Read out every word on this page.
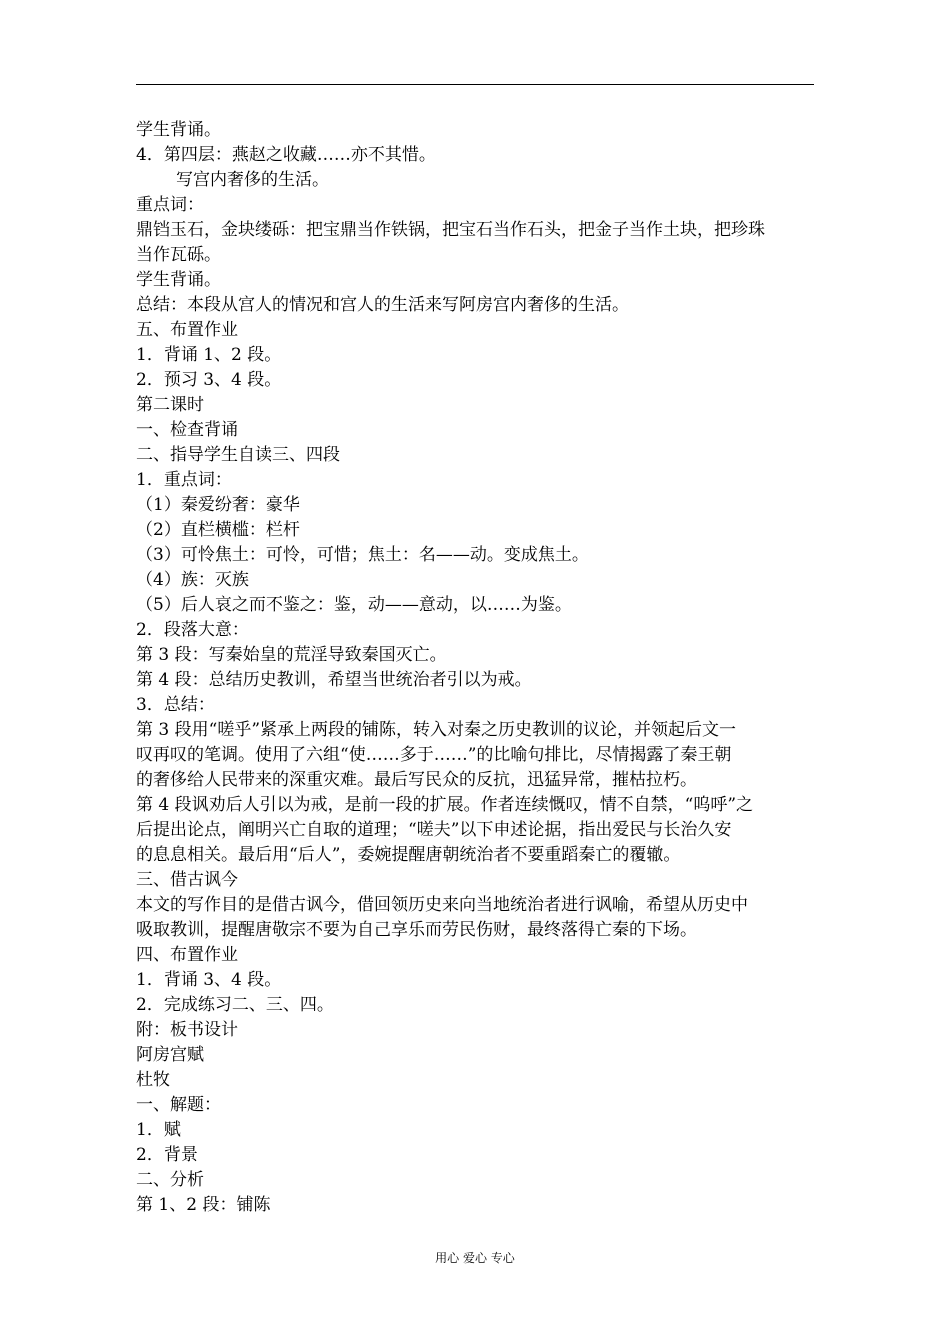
学生背诵。
4．第四层：燕赵之收藏……亦不其惜。
写宫内奢侈的生活。
重点词：
鼎铛玉石，金块缕砾：把宝鼎当作铁锅，把宝石当作石头，把金子当作土块，把珍珠
当作瓦砾。
学生背诵。
总结：本段从宫人的情况和宫人的生活来写阿房宫内奢侈的生活。
五、布置作业
1．背诵 1、2 段。
2．预习 3、4 段。
第二课时
一、检查背诵
二、指导学生自读三、四段
1．重点词：
（1）秦爱纷奢：豪华
（2）直栏横槛：栏杆
（3）可怜焦土：可怜，可惜；焦土：名——动。变成焦土。
（4）族：灭族
（5）后人哀之而不鉴之：鉴，动——意动，以……为鉴。
2．段落大意：
第 3 段：写秦始皇的荒淫导致秦国灭亡。
第 4 段：总结历史教训，希望当世统治者引以为戒。
3．总结：
第 3 段用“嗟乎”紧承上两段的铺陈，转入对秦之历史教训的议论，并领起后文一
叹再叹的笔调。使用了六组“使……多于……”的比喻句排比，尽情揭露了秦王朝
的奢侈给人民带来的深重灾难。最后写民众的反抗，迅猛异常，摧枯拉朽。
第 4 段讽劝后人引以为戒，是前一段的扩展。作者连续慨叹，情不自禁，“呜呼”之
后提出论点，阐明兴亡自取的道理；“嗟夫”以下申述论据，指出爱民与长治久安
的息息相关。最后用“后人”，委婉提醒唐朝统治者不要重蹈秦亡的覆辙。
三、借古讽今
本文的写作目的是借古讽今，借回领历史来向当地统治者进行讽喻，希望从历史中
吸取教训，提醒唐敬宗不要为自己享乐而劳民伤财，最终落得亡秦的下场。
四、布置作业
1．背诵 3、4 段。
2．完成练习二、三、四。
附：板书设计
阿房宫赋
杜牧
一、解题：
1．赋
2．背景
二、分析
第 1、2 段：铺陈
用心 爱心 专心
